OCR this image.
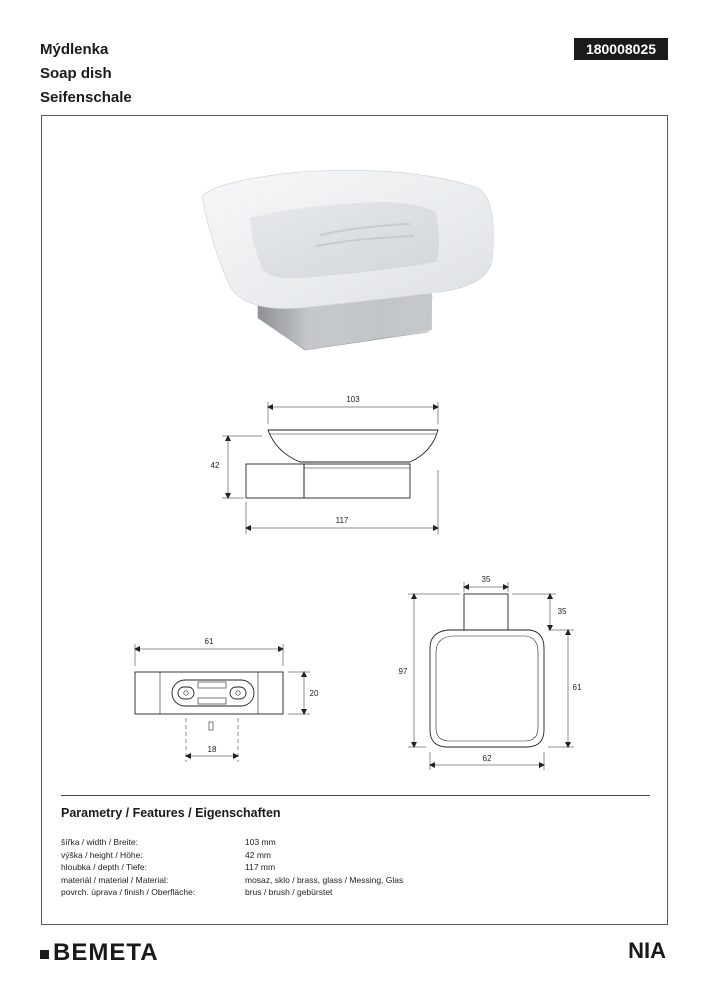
Mýdlenka
Soap dish
Seifenschale
180008025
103
42
117
61
20
18
35
35
97
61
62
Parametry / Features / Eigenschaften
šířka / width / Breite:	103 mm
výška / height / Höhe:	42 mm
hloubka / depth / Tiefe:	117 mm
materiál / material / Material:	mosaz, sklo / brass, glass / Messing, Glas
povrch. úprava / finish / Oberfläche:	brus / brush / gebürstet
BEMETA	NIA
